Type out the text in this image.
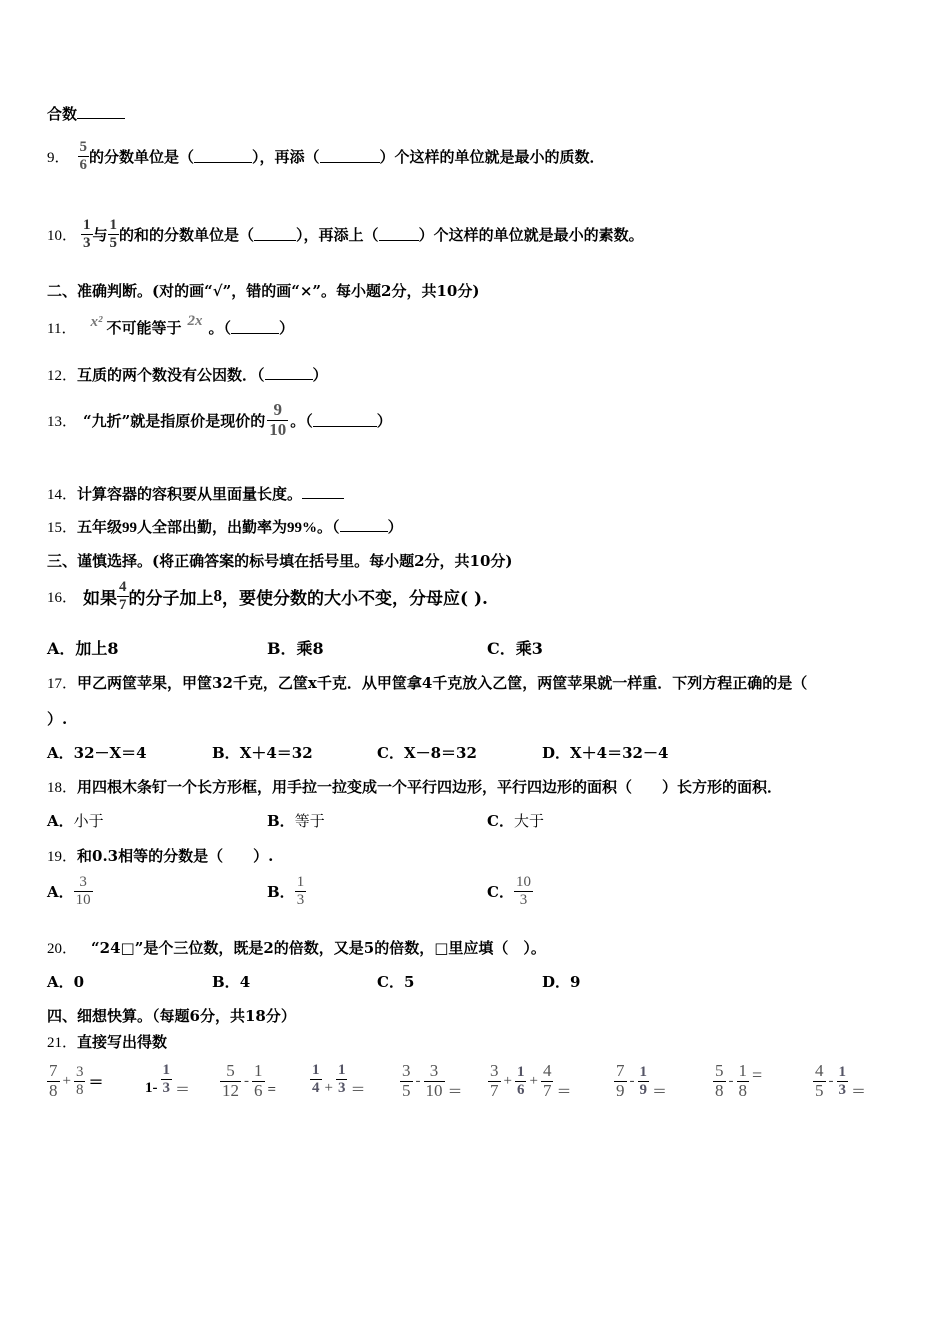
合数
9． $\frac{5}{6}$ 的分数单位是（	），再添（	）个这样的单位就是最小的质数．
10． $\frac{1}{3}$ 与 $\frac{1}{5}$ 的和的分数单位是（	），再添上（	）个这样的单位就是最小的素数。
二、准确判断。(对的画“√”，错的画“×”。每小题2分，共10分)
11． x² 不可能等于 2x 。（	）
12．互质的两个数没有公因数．（	）
13． “九折”就是指原价是现价的 $\frac{9}{10}$ 。（	）
14．计算容器的容积要从里面量长度。
15．五年级99人全部出勤，出勤率为99%。（	）
三、谨慎选择。(将正确答案的标号填在括号里。每小题2分，共10分)
16． 如果 $\frac{4}{7}$ 的分子加上 8 ，要使分数的大小不变，分母应( ).
A．加上8	B．乘8	C．乘3
17．甲乙两筐苹果，甲筐32千克，乙筐x千克．从甲筐拿4千克放入乙筐，两筐苹果就一样重．下列方程正确的是（
）.
A．32－X＝4	B．X＋4＝32	C．X－8＝32	D．X＋4＝32－4
18．用四根木条钉一个长方形框，用手拉一拉变成一个平行四边形，平行四边形的面积（　　）长方形的面积．
A．小于	B．等于	C．大于
19．和0.3相等的分数是（　　）.
A． $\frac{3}{10}$	B． $\frac{1}{3}$	C． $\frac{10}{3}$
20． “24□”是个三位数，既是2的倍数，又是5的倍数，□里应填（　）。
A．0	B．4	C．5	D．9
四、细想快算。（每题6分，共18分）
21．直接写出得数
$\frac{7}{8} + \frac{3}{8}$ ＝	$1- \frac{1}{3} = \frac{5}{12} - \frac{1}{6} = \frac{1}{4} + \frac{1}{3} = \frac{3}{5} - \frac{3}{10} = \frac{3}{7} + \frac{1}{6} + \frac{4}{7}$ ＝	$\frac{7}{9} - \frac{1}{9}$ ＝	$\frac{5}{8} - \frac{1}{8}$ =	$\frac{4}{5} - \frac{1}{3}$ ＝
